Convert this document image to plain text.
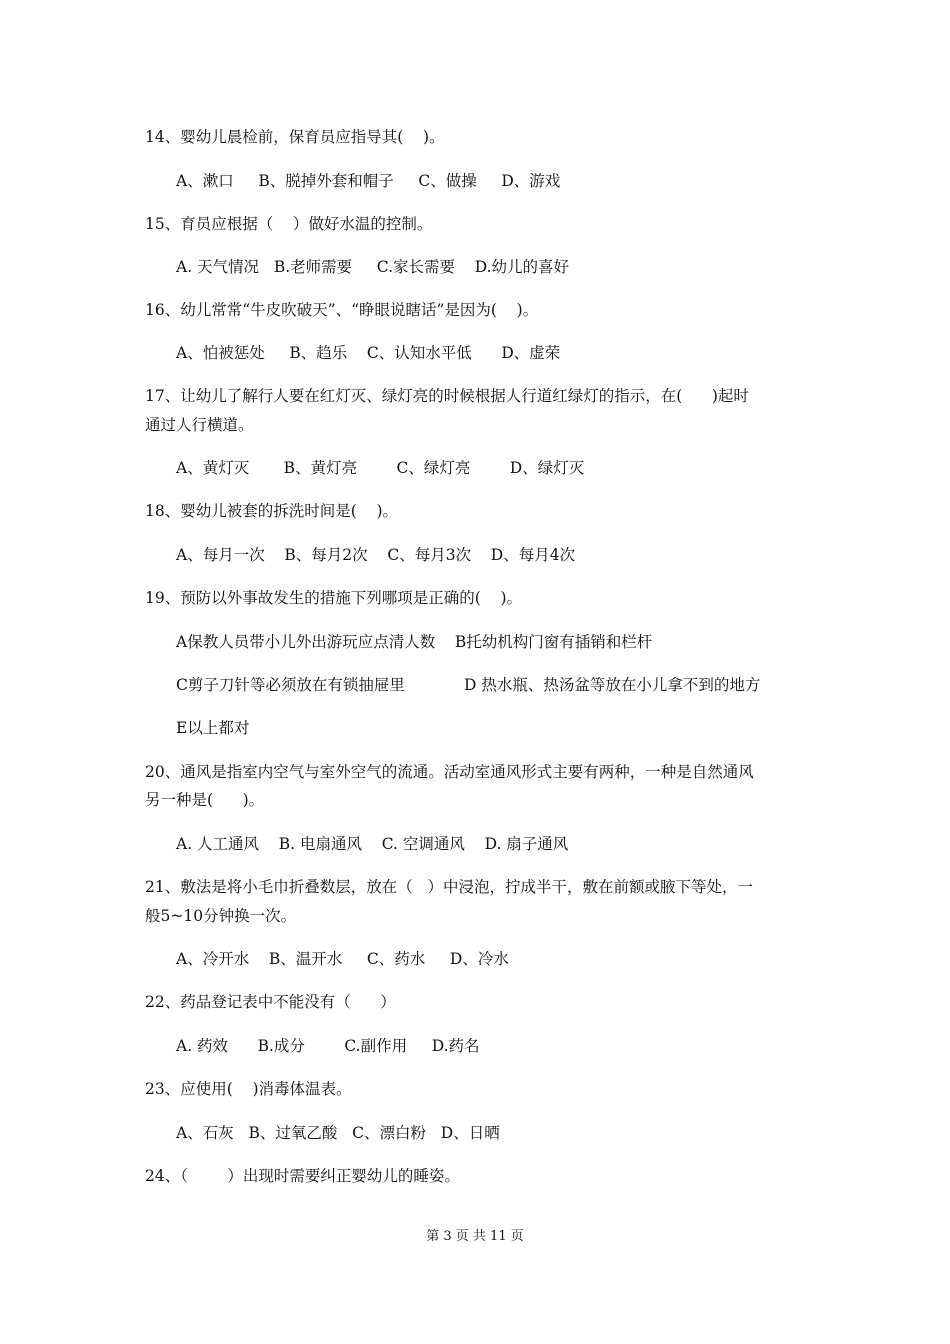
14、婴幼儿晨检前，保育员应指导其(    )。
A、漱口     B、脱掉外套和帽子     C、做操     D、游戏
15、育员应根据（    ）做好水温的控制。
A. 天气情况   B.老师需要     C.家长需要    D.幼儿的喜好
16、幼儿常常“牛皮吹破天”、“睁眼说瞎话”是因为(    )。
A、怕被惩处     B、趋乐    C、认知水平低      D、虚荣
17、让幼儿了解行人要在红灯灭、绿灯亮的时候根据人行道红绿灯的指示，在(      )起时
通过人行横道。
A、黄灯灭       B、黄灯亮        C、绿灯亮        D、绿灯灭
18、婴幼儿被套的拆洗时间是(    )。
A、每月一次    B、每月2次    C、每月3次    D、每月4次
19、预防以外事故发生的措施下列哪项是正确的(    )。
A保教人员带小儿外出游玩应点清人数    B托幼机构门窗有插销和栏杆
C剪子刀针等必须放在有锁抽屉里            D 热水瓶、热汤盆等放在小儿拿不到的地方
E以上都对
20、通风是指室内空气与室外空气的流通。活动室通风形式主要有两种，一种是自然通风
另一种是(      )。
A. 人工通风    B. 电扇通风    C. 空调通风    D. 扇子通风
21、敷法是将小毛巾折叠数层，放在（   ）中浸泡，拧成半干，敷在前额或腋下等处，一
般5~10分钟换一次。
A、冷开水    B、温开水     C、药水     D、冷水
22、药品登记表中不能没有（      ）
A. 药效      B.成分        C.副作用     D.药名
23、应使用(    )消毒体温表。
A、石灰   B、过氧乙酸   C、漂白粉   D、日晒
24、（        ）出现时需要纠正婴幼儿的睡姿。
第 3 页 共 11 页
